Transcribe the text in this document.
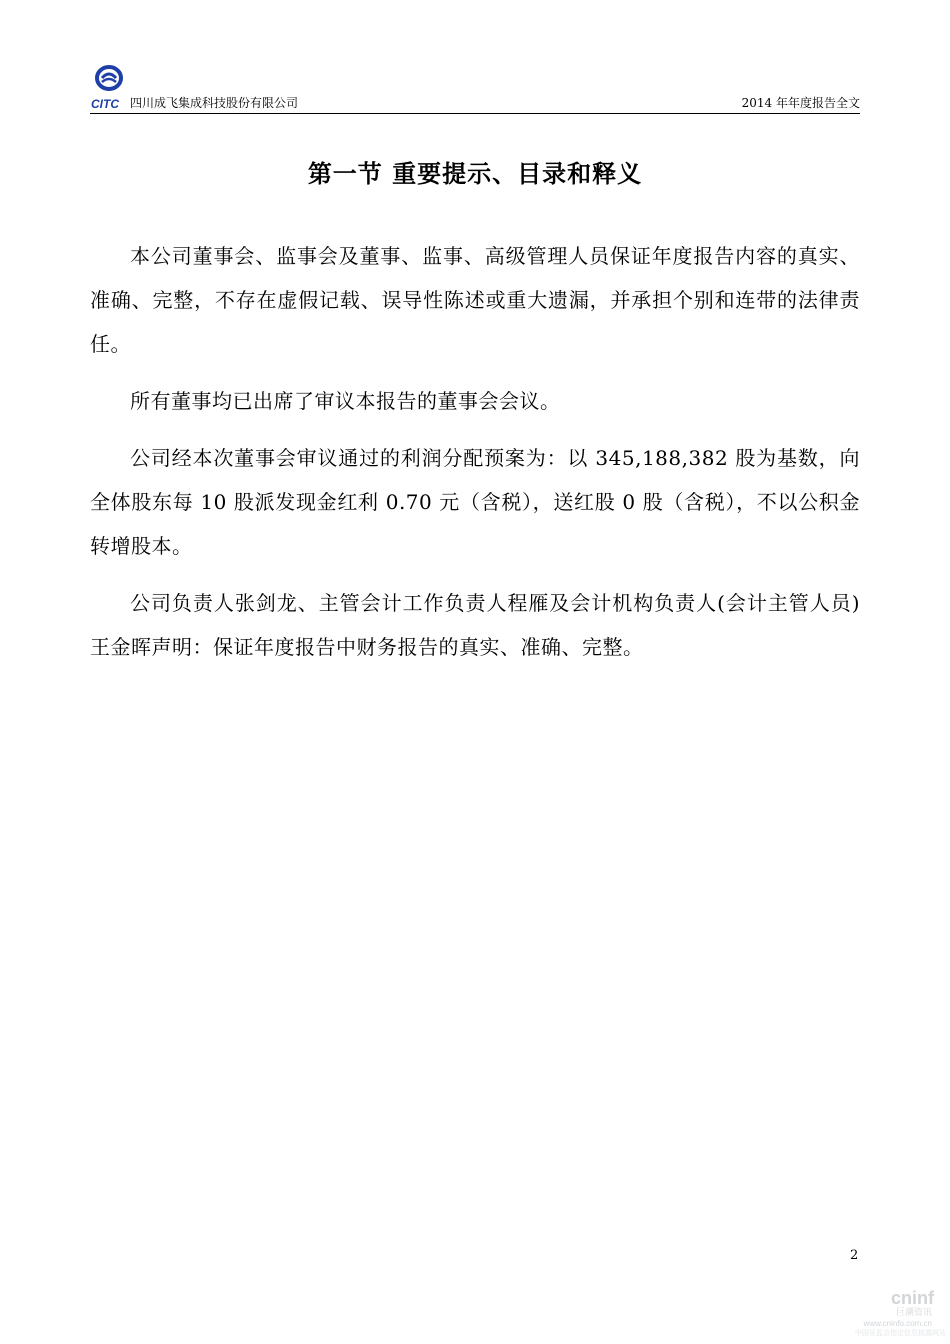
CITC 四川成飞集成科技股份有限公司	2014 年年度报告全文
第一节 重要提示、目录和释义

本公司董事会、监事会及董事、监事、高级管理人员保证年度报告内容的真实、准确、完整，不存在虚假记载、误导性陈述或重大遗漏，并承担个别和连带的法律责任。

所有董事均已出席了审议本报告的董事会会议。

公司经本次董事会审议通过的利润分配预案为：以 345,188,382 股为基数，向全体股东每 10 股派发现金红利 0.70 元（含税），送红股 0 股（含税），不以公积金转增股本。

公司负责人张剑龙、主管会计工作负责人程雁及会计机构负责人(会计主管人员)王金晖声明：保证年度报告中财务报告的真实、准确、完整。

2
cninf
巨潮资讯
www.cninfo.com.cn
中国证监会指定信息披露网站
